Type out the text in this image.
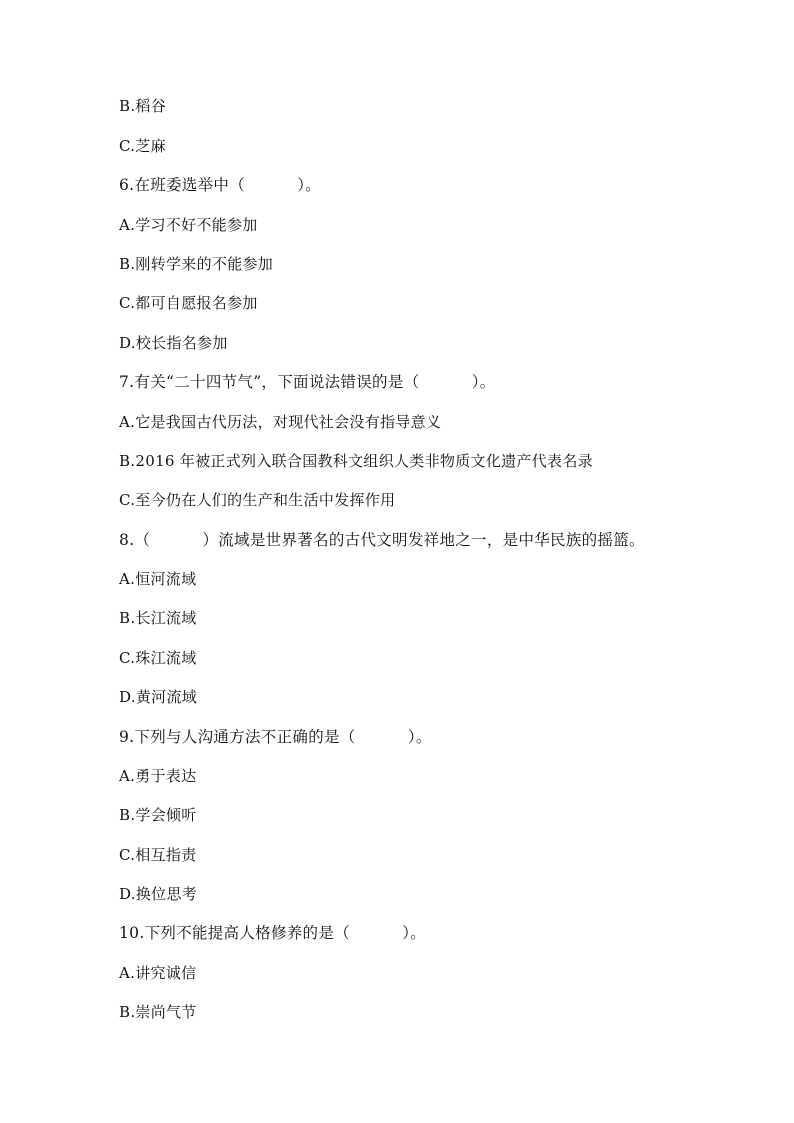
B.稻谷
C.芝麻
6.在班委选举中（          ）。
A.学习不好不能参加
B.刚转学来的不能参加
C.都可自愿报名参加
D.校长指名参加
7.有关“二十四节气”，下面说法错误的是（          ）。
A.它是我国古代历法，对现代社会没有指导意义
B.2016 年被正式列入联合国教科文组织人类非物质文化遗产代表名录
C.至今仍在人们的生产和生活中发挥作用
8.（          ）流域是世界著名的古代文明发祥地之一，是中华民族的摇篮。
A.恒河流域
B.长江流域
C.珠江流域
D.黄河流域
9.下列与人沟通方法不正确的是（          ）。
A.勇于表达
B.学会倾听
C.相互指责
D.换位思考
10.下列不能提高人格修养的是（          ）。
A.讲究诚信
B.崇尚气节
